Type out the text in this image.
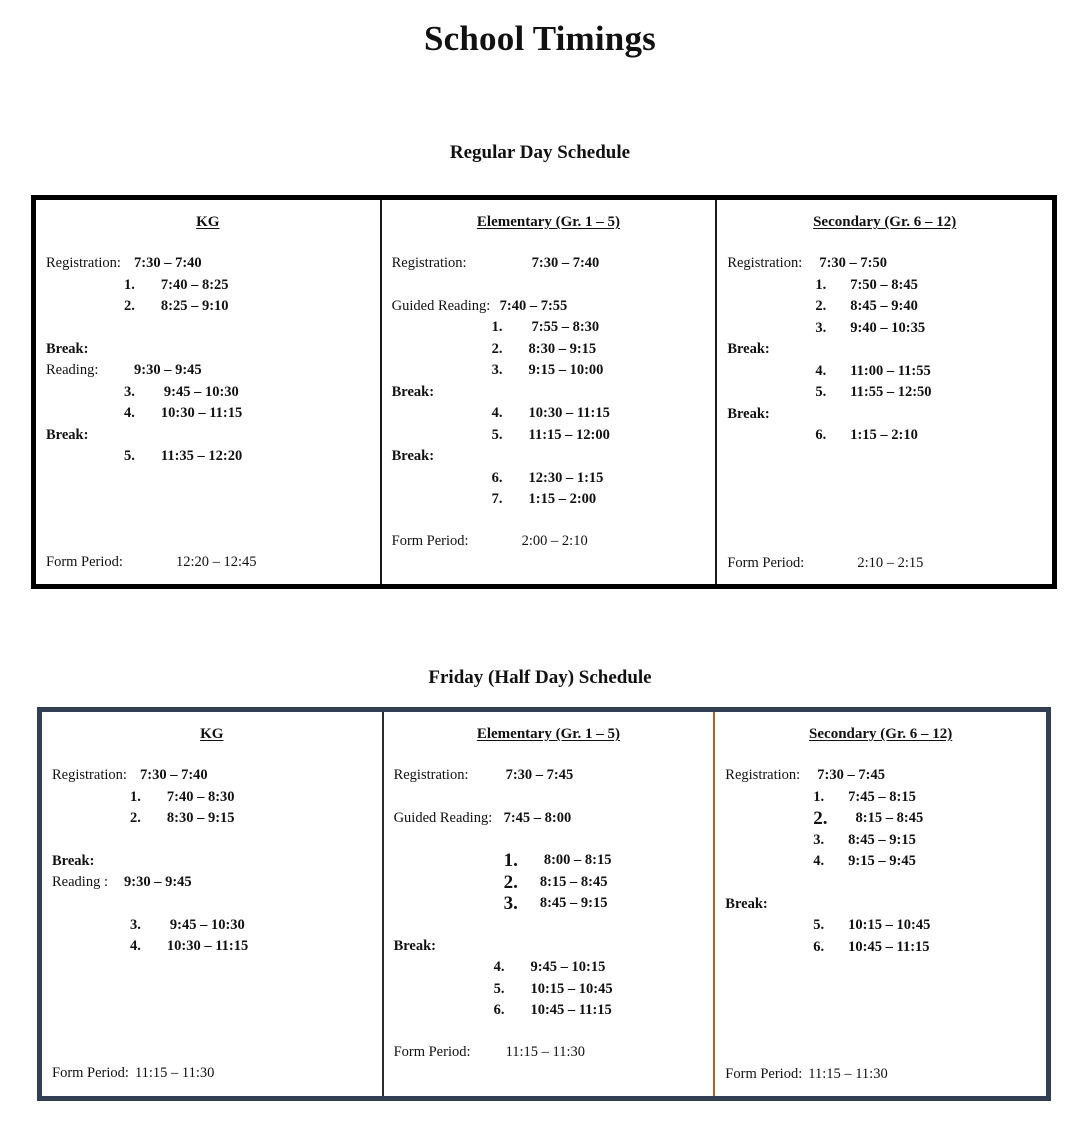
School Timings
Regular Day Schedule
KG
Registration: 7:30 – 7:40
1. 7:40 – 8:25
2. 8:25 – 9:10
Break:
Reading:	9:30 – 9:45
3. 9:45 – 10:30
4. 10:30 – 11:15
Break:
5. 11:35 – 12:20
Form Period:	12:20 – 12:45
Elementary (Gr. 1 – 5)
Registration:	7:30 – 7:40
Guided Reading: 7:40 – 7:55
1. 7:55 – 8:30
2. 8:30 – 9:15
3. 9:15 – 10:00
Break:
4. 10:30 – 11:15
5. 11:15 – 12:00
Break:
6. 12:30 – 1:15
7. 1:15 – 2:00
Form Period:	2:00 – 2:10
Secondary (Gr. 6 – 12)
Registration:	7:30 – 7:50
1. 7:50 – 8:45
2. 8:45 – 9:40
3. 9:40 – 10:35
Break:
4. 11:00 – 11:55
5. 11:55 – 12:50
Break:
6. 1:15 – 2:10
Form Period:	2:10 – 2:15
Friday (Half Day) Schedule
KG
Registration: 7:30 – 7:40
1. 7:40 – 8:30
2. 8:30 – 9:15
Break:
Reading :	9:30 – 9:45
3. 9:45 – 10:30
4. 10:30 – 11:15
Form Period: 11:15 – 11:30
Elementary (Gr. 1 – 5)
Registration:	7:30 – 7:45
Guided Reading: 7:45 – 8:00
1. 8:00 – 8:15
2. 8:15 – 8:45
3. 8:45 – 9:15
Break:
4. 9:45 – 10:15
5. 10:15 – 10:45
6. 10:45 – 11:15
Form Period:	11:15 – 11:30
Secondary (Gr. 6 – 12)
Registration:	7:30 – 7:45
1. 7:45 – 8:15
2. 8:15 – 8:45
3. 8:45 – 9:15
4. 9:15 – 9:45
Break:
5. 10:15 – 10:45
6. 10:45 – 11:15
Form Period: 11:15 – 11:30
